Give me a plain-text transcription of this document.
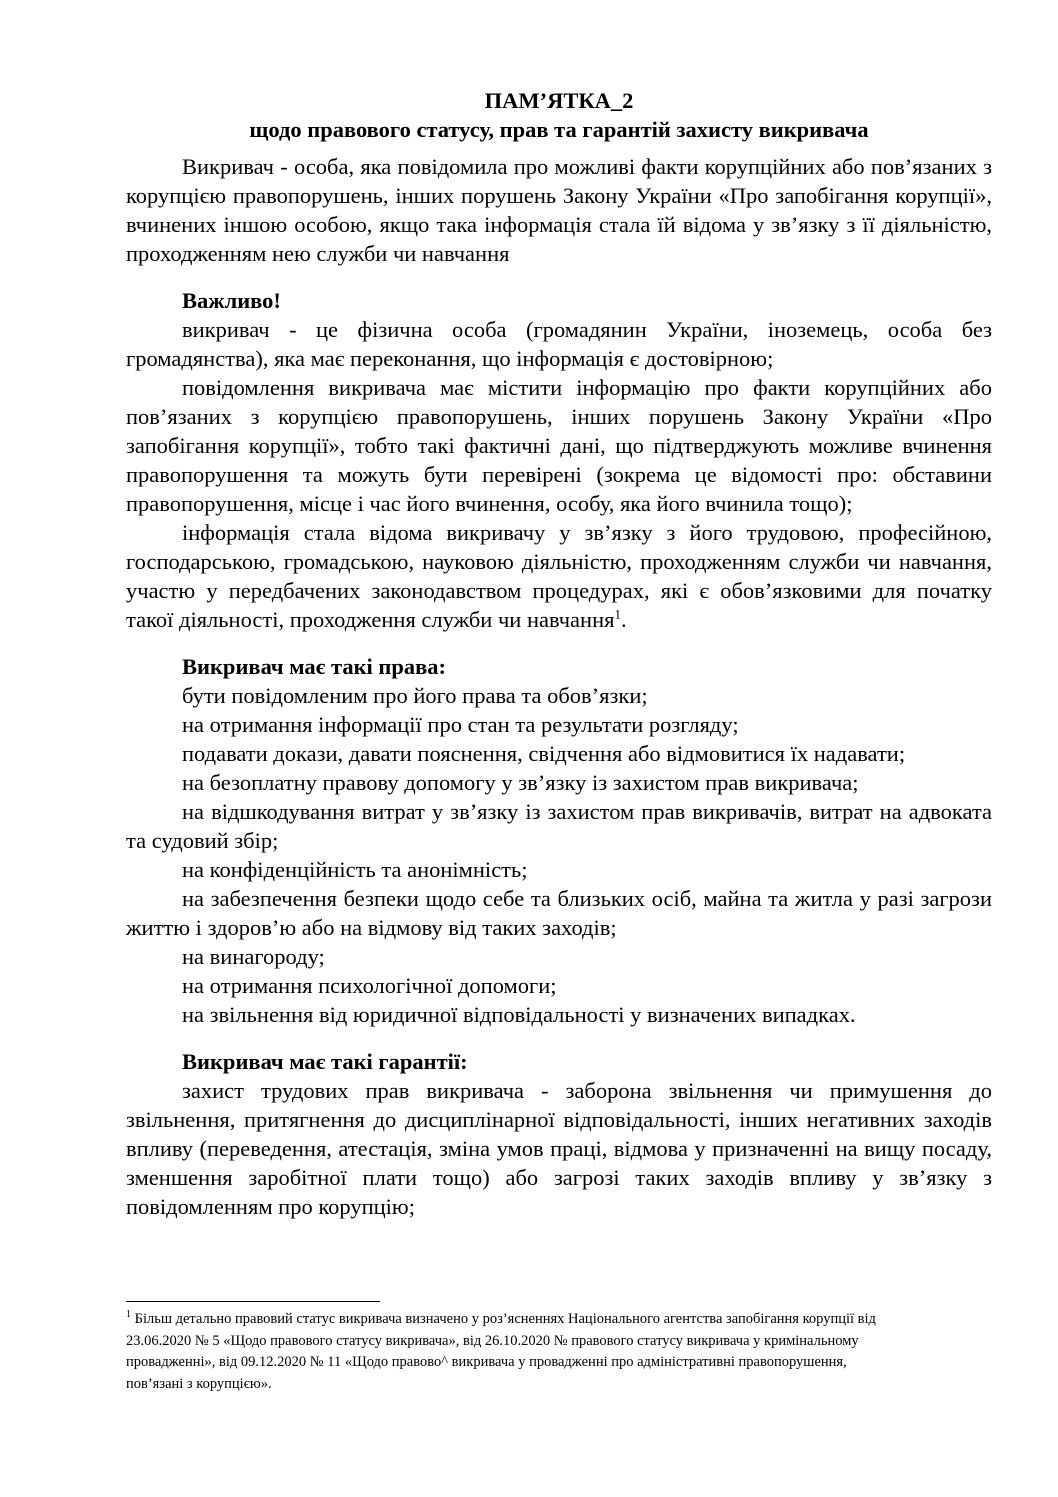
ПАМ’ЯТКА_2

щодо правового статусу, прав та гарантій захисту викривача

Викривач - особа, яка повідомила про можливі факти корупційних або пов’язаних з корупцією правопорушень, інших порушень Закону України «Про запобігання корупції», вчинених іншою особою, якщо така інформація стала їй відома у зв’язку з її діяльністю, проходженням нею служби чи навчання

Важливо!

викривач - це фізична особа (громадянин України, іноземець, особа без громадянства), яка має переконання, що інформація є достовірною;

повідомлення викривача має містити інформацію про факти корупційних або пов’язаних з корупцією правопорушень, інших порушень Закону України «Про запобігання корупції», тобто такі фактичні дані, що підтверджують можливе вчинення правопорушення та можуть бути перевірені (зокрема це відомості про: обставини правопорушення, місце і час його вчинення, особу, яка його вчинила тощо);

інформація стала відома викривачу у зв’язку з його трудовою, професійною, господарською, громадською, науковою діяльністю, проходженням служби чи навчання, участю у передбачених законодавством процедурах, які є обов’язковими для початку такої діяльності, проходження служби чи навчання$^1$.

Викривач має такі права:

бути повідомленим про його права та обов’язки;

на отримання інформації про стан та результати розгляду;

подавати докази, давати пояснення, свідчення або відмовитися їх надавати;

на безоплатну правову допомогу у зв’язку із захистом прав викривача;

на відшкодування витрат у зв’язку із захистом прав викривачів, витрат на адвоката та судовий збір;

на конфіденційність та анонімність;

на забезпечення безпеки щодо себе та близьких осіб, майна та житла у разі загрози життю і здоров’ю або на відмову від таких заходів;

на винагороду;

на отримання психологічної допомоги;

на звільнення від юридичної відповідальності у визначених випадках.

Викривач має такі гарантії:

захист трудових прав викривача - заборона звільнення чи примушення до звільнення, притягнення до дисциплінарної відповідальності, інших негативних заходів впливу (переведення, атестація, зміна умов праці, відмова у призначенні на вищу посаду, зменшення заробітної плати тощо) або загрозі таких заходів впливу у зв’язку з повідомленням про корупцію;

$^1$ Більш детально правовий статус викривача визначено у роз’ясненнях Національного агентства запобігання корупції від 23.06.2020 № 5 «Щодо правового статусу викривача», від 26.10.2020 № правового статусу викривача у кримінальному провадженні», від 09.12.2020 № 11 «Щодо правово^ викривача у провадженні про адміністративні правопорушення, пов’язані з корупцією».
